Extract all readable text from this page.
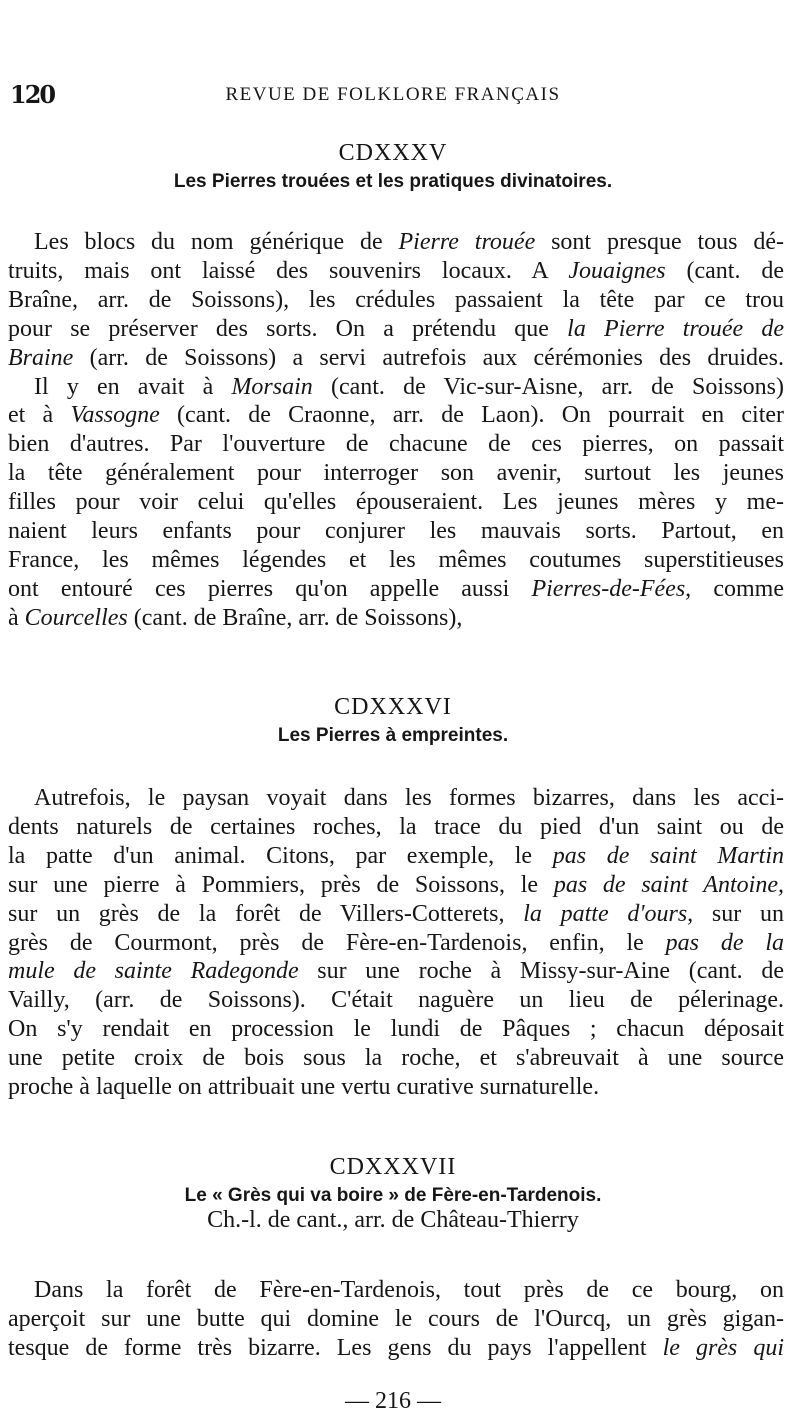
120	REVUE DE FOLKLORE FRANÇAIS
CDXXXV
Les Pierres trouées et les pratiques divinatoires.
Les blocs du nom générique de Pierre trouée sont presque tous dé-
truits, mais ont laissé des souvenirs locaux. A Jouaignes (cant. de
Braîne, arr. de Soissons), les crédules passaient la tête par ce trou
pour se préserver des sorts. On a prétendu que la Pierre trouée de
Braine (arr. de Soissons) a servi autrefois aux cérémonies des druides.
Il y en avait à Morsain (cant. de Vic-sur-Aisne, arr. de Soissons)
et à Vassogne (cant. de Craonne, arr. de Laon). On pourrait en citer
bien d'autres. Par l'ouverture de chacune de ces pierres, on passait
la tête généralement pour interroger son avenir, surtout les jeunes
filles pour voir celui qu'elles épouseraient. Les jeunes mères y me-
naient leurs enfants pour conjurer les mauvais sorts. Partout, en
France, les mêmes légendes et les mêmes coutumes superstitieuses
ont entouré ces pierres qu'on appelle aussi Pierres-de-Fées, comme
à Courcelles (cant. de Braîne, arr. de Soissons),
CDXXXVI
Les Pierres à empreintes.
Autrefois, le paysan voyait dans les formes bizarres, dans les acci-
dents naturels de certaines roches, la trace du pied d'un saint ou de
la patte d'un animal. Citons, par exemple, le pas de saint Martin
sur une pierre à Pommiers, près de Soissons, le pas de saint Antoine,
sur un grès de la forêt de Villers-Cotterets, la patte d'ours, sur un
grès de Courmont, près de Fère-en-Tardenois, enfin, le pas de la
mule de sainte Radegonde sur une roche à Missy-sur-Aine (cant. de
Vailly, (arr. de Soissons). C'était naguère un lieu de pélerinage.
On s'y rendait en procession le lundi de Pâques ; chacun déposait
une petite croix de bois sous la roche, et s'abreuvait à une source
proche à laquelle on attribuait une vertu curative surnaturelle.
CDXXXVII
Le « Grès qui va boire » de Fère-en-Tardenois.
Ch.-l. de cant., arr. de Château-Thierry
Dans la forêt de Fère-en-Tardenois, tout près de ce bourg, on
aperçoit sur une butte qui domine le cours de l'Ourcq, un grès gigan-
tesque de forme très bizarre. Les gens du pays l'appellent le grès qui
— 216 —
